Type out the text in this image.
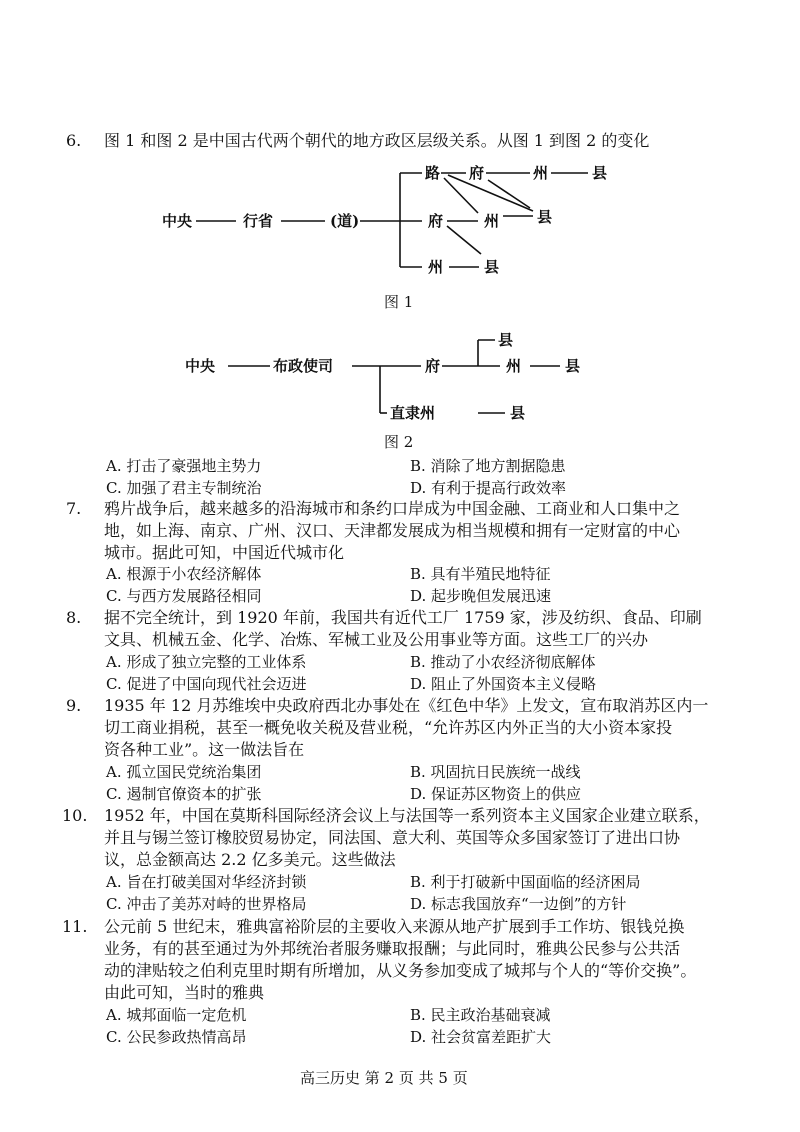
6. 图 1 和图 2 是中国古代两个朝代的地方政区层级关系。从图 1 到图 2 的变化
中央	行省	(道)
路 府	州	县
府	州	县
州	县
图 1
中央	布政使司	府
县
州	县
直隶州	县
图 2
A. 打击了豪强地主势力	B. 消除了地方割据隐患
C. 加强了君主专制统治	D. 有利于提高行政效率
7. 鸦片战争后，越来越多的沿海城市和条约口岸成为中国金融、工商业和人口集中之
地，如上海、南京、广州、汉口、天津都发展成为相当规模和拥有一定财富的中心
城市。据此可知，中国近代城市化
A. 根源于小农经济解体	B. 具有半殖民地特征
C. 与西方发展路径相同	D. 起步晚但发展迅速
8. 据不完全统计，到 1920 年前，我国共有近代工厂 1759 家，涉及纺织、食品、印刷
文具、机械五金、化学、冶炼、军械工业及公用事业等方面。这些工厂的兴办
A. 形成了独立完整的工业体系	B. 推动了小农经济彻底解体
C. 促进了中国向现代社会迈进	D. 阻止了外国资本主义侵略
9. 1935 年 12 月苏维埃中央政府西北办事处在《红色中华》上发文，宣布取消苏区内一
切工商业捐税，甚至一概免收关税及营业税，“允许苏区内外正当的大小资本家投
资各种工业”。这一做法旨在
A. 孤立国民党统治集团	B. 巩固抗日民族统一战线
C. 遏制官僚资本的扩张	D. 保证苏区物资上的供应
10. 1952 年，中国在莫斯科国际经济会议上与法国等一系列资本主义国家企业建立联系，
并且与锡兰签订橡胶贸易协定，同法国、意大利、英国等众多国家签订了进出口协
议，总金额高达 2.2 亿多美元。这些做法
A. 旨在打破美国对华经济封锁	B. 利于打破新中国面临的经济困局
C. 冲击了美苏对峙的世界格局	D. 标志我国放弃“一边倒”的方针
11. 公元前 5 世纪末，雅典富裕阶层的主要收入来源从地产扩展到手工作坊、银钱兑换
业务，有的甚至通过为外邦统治者服务赚取报酬；与此同时，雅典公民参与公共活
动的津贴较之伯利克里时期有所增加，从义务参加变成了城邦与个人的“等价交换”。
由此可知，当时的雅典
A. 城邦面临一定危机	B. 民主政治基础衰减
C. 公民参政热情高昂	D. 社会贫富差距扩大
高三历史 第 2 页 共 5 页
